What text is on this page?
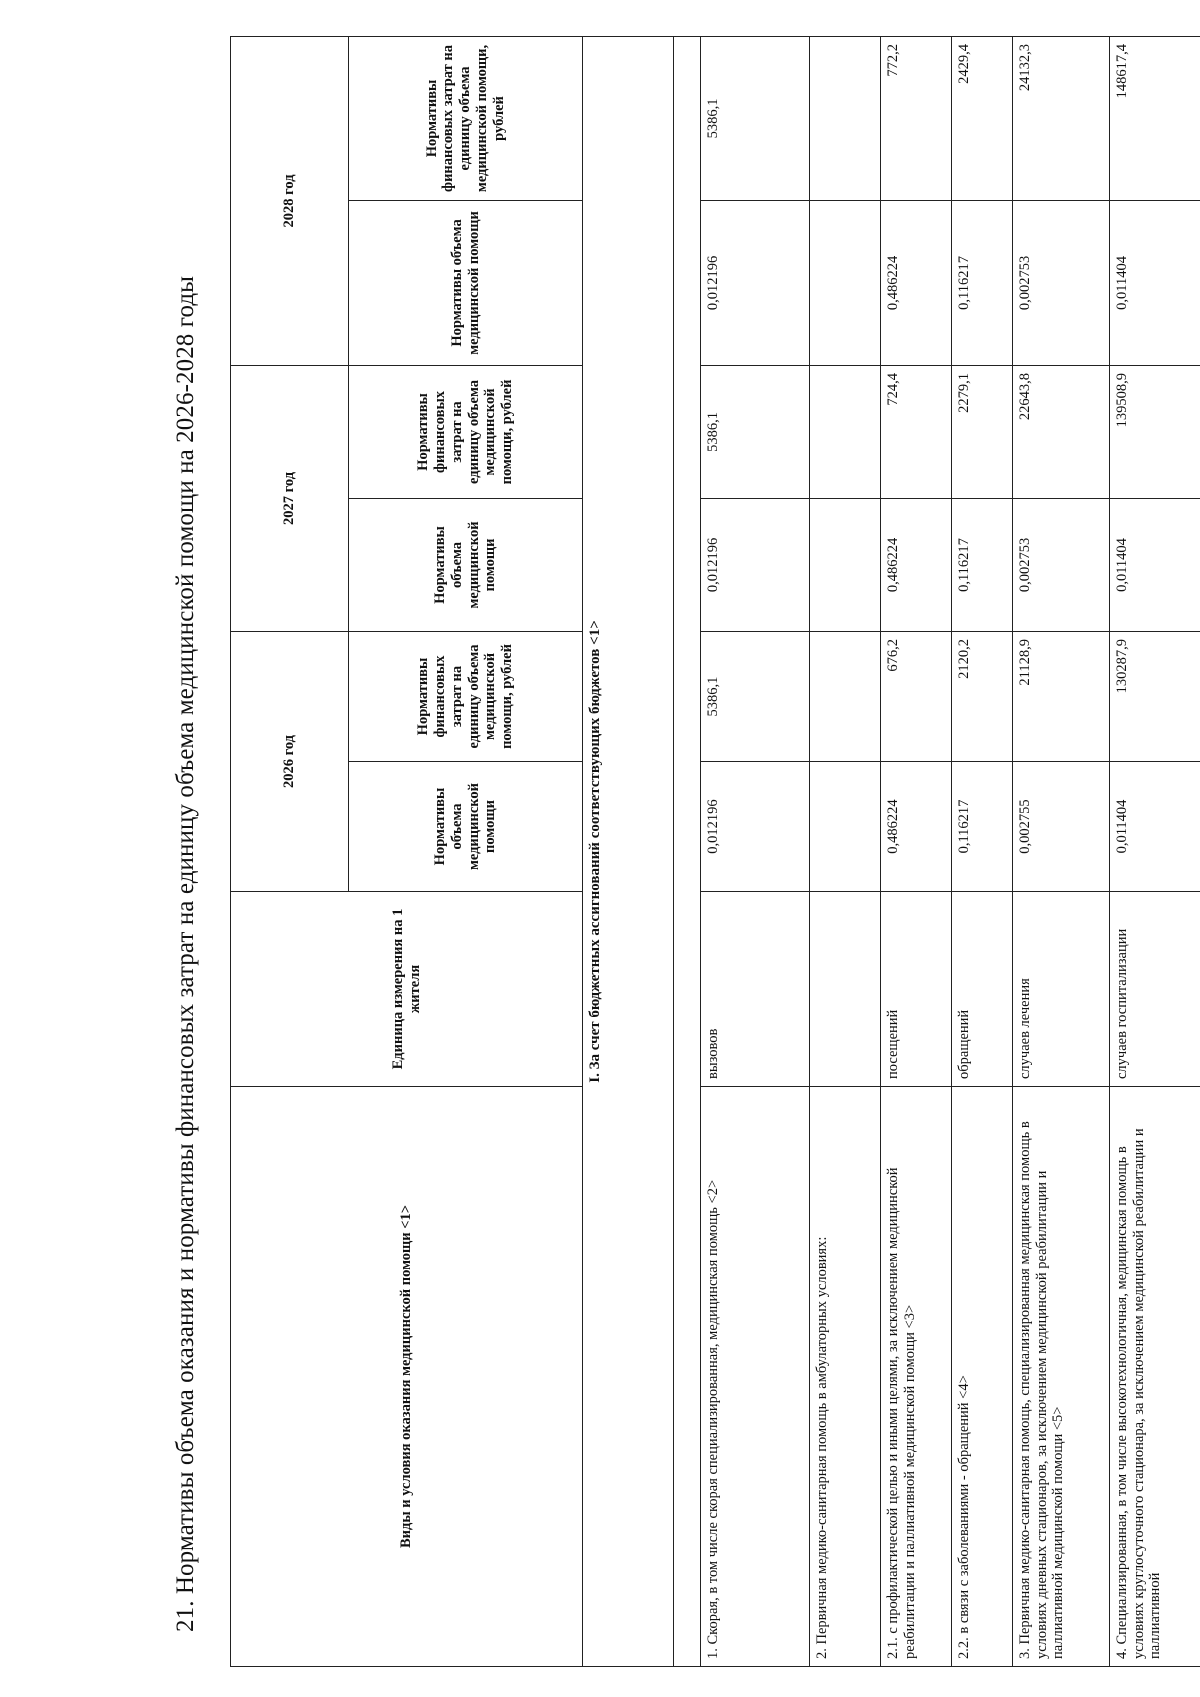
21. Нормативы объема оказания и нормативы финансовых затрат на единицу объема медицинской помощи на 2026-2028 годы	Виды и условия оказания медицинской помощи <1>	Единица измерения на 1 жителя	2026 год		2027 год		2028 год	
		Нормативы объема медицинской помощи	Нормативы финансовых затрат на единицу объема медицинской помощи, рублей	Нормативы объема медицинской помощи	Нормативы финансовых затрат на единицу объема медицинской помощи, рублей	Нормативы объема медицинской помощи	Нормативы финансовых затрат на единицу объема медицинской помощи, рублей
I. За счет бюджетных ассигнований соответствующих бюджетов <1>							

1. Скорая, в том числе скорая специализированная, медицинская помощь <2>	вызовов	0,012196	5386,1	0,012196	5386,1	0,012196	5386,1
2. Первичная медико-санитарная помощь в амбулаторных условиях:							
2.1. с профилактической целью и иными целями, за исключением медицинской реабилитации и паллиативной медицинской помощи <3>	посещений	0,486224	676,2	0,486224	724,4	0,486224	772,2
2.2. в связи с заболеваниями - обращений <4>	обращений	0,116217	2120,2	0,116217	2279,1	0,116217	2429,4
3. Первичная медико-санитарная помощь, специализированная медицинская помощь в условиях дневных стационаров, за исключением медицинской реабилитации и паллиативной медицинской помощи <5>	случаев лечения	0,002755	21128,9	0,002753	22643,8	0,002753	24132,3
4. Специализированная, в том числе высокотехнологичная, медицинская помощь в условиях круглосуточного стационара, за исключением медицинской реабилитации и паллиативной	случаев госпитализации	0,011404	130287,9	0,011404	139508,9	0,011404	148617,4
